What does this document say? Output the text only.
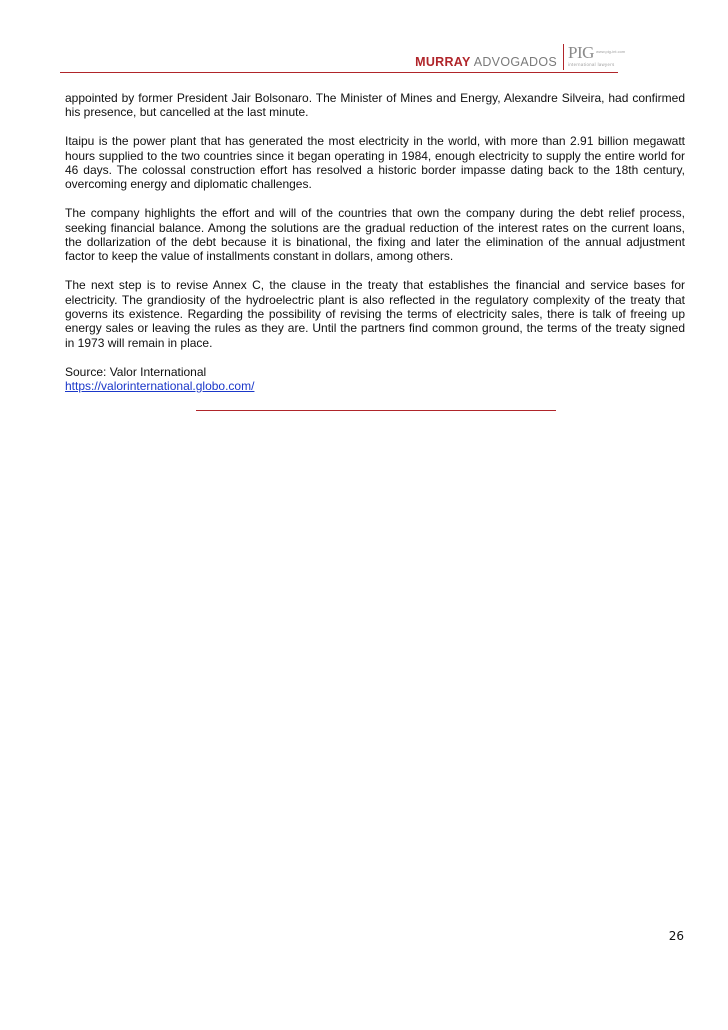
MURRAY ADVOGADOS PIG www.pig-int.com
international lawyers

appointed by former President Jair Bolsonaro. The Minister of Mines and Energy, Alexandre Silveira, had confirmed his presence, but cancelled at the last minute.

Itaipu is the power plant that has generated the most electricity in the world, with more than 2.91 billion megawatt hours supplied to the two countries since it began operating in 1984, enough electricity to supply the entire world for 46 days. The colossal construction effort has resolved a historic border impasse dating back to the 18th century, overcoming energy and diplomatic challenges.

The company highlights the effort and will of the countries that own the company during the debt relief process, seeking financial balance. Among the solutions are the gradual reduction of the interest rates on the current loans, the dollarization of the debt because it is binational, the fixing and later the elimination of the annual adjustment factor to keep the value of installments constant in dollars, among others.

The next step is to revise Annex C, the clause in the treaty that establishes the financial and service bases for electricity. The grandiosity of the hydroelectric plant is also reflected in the regulatory complexity of the treaty that governs its existence. Regarding the possibility of revising the terms of electricity sales, there is talk of freeing up energy sales or leaving the rules as they are. Until the partners find common ground, the terms of the treaty signed in 1973 will remain in place.

Source: Valor International
https://valorinternational.globo.com/
26
